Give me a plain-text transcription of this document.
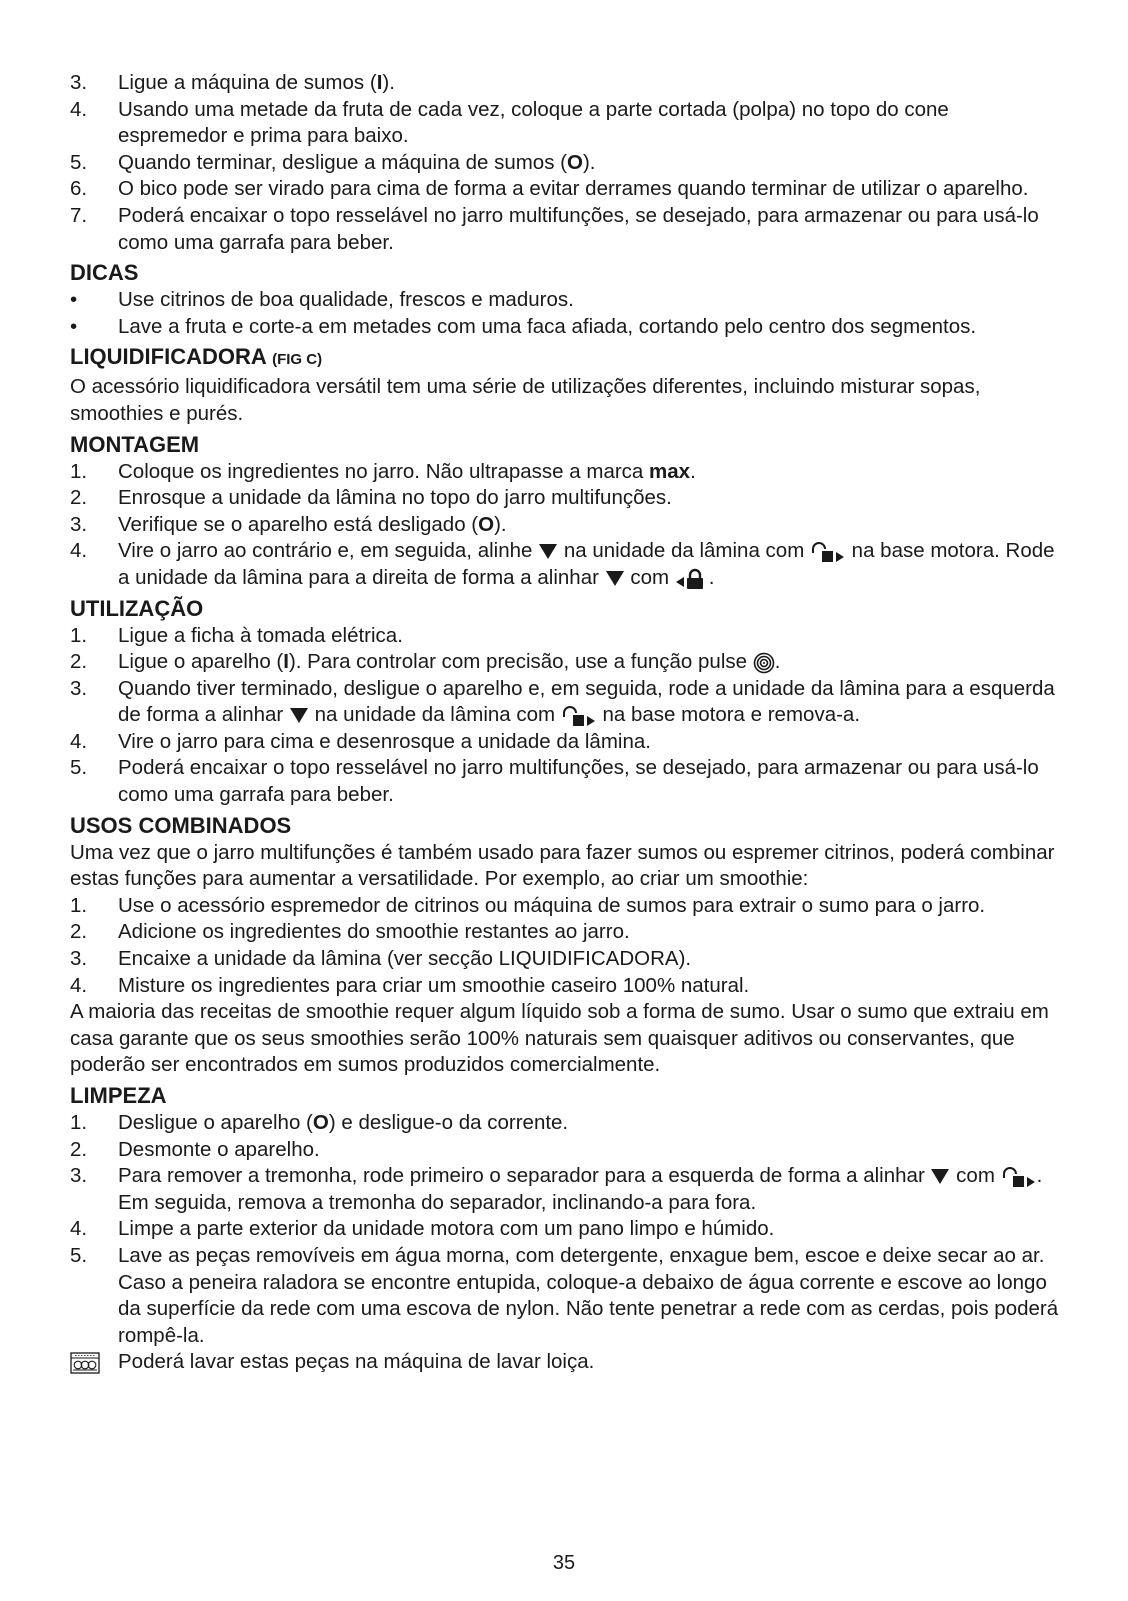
3. Ligue a máquina de sumos (I).
4. Usando uma metade da fruta de cada vez, coloque a parte cortada (polpa) no topo do cone espremedor e prima para baixo.
5. Quando terminar, desligue a máquina de sumos (O).
6. O bico pode ser virado para cima de forma a evitar derrames quando terminar de utilizar o aparelho.
7. Poderá encaixar o topo resselável no jarro multifunções, se desejado, para armazenar ou para usá-lo como uma garrafa para beber.
DICAS
• Use citrinos de boa qualidade, frescos e maduros.
• Lave a fruta e corte-a em metades com uma faca afiada, cortando pelo centro dos segmentos.
LIQUIDIFICADORA (FIG C)
O acessório liquidificadora versátil tem uma série de utilizações diferentes, incluindo misturar sopas, smoothies e purés.
MONTAGEM
1. Coloque os ingredientes no jarro. Não ultrapasse a marca max.
2. Enrosque a unidade da lâmina no topo do jarro multifunções.
3. Verifique se o aparelho está desligado (O).
4. Vire o jarro ao contrário e, em seguida, alinhe  na unidade da lâmina com  na base motora. Rode a unidade da lâmina para a direita de forma a alinhar  com .
UTILIZAÇÃO
1. Ligue a ficha à tomada elétrica.
2. Ligue o aparelho (I). Para controlar com precisão, use a função pulse .
3. Quando tiver terminado, desligue o aparelho e, em seguida, rode a unidade da lâmina para a esquerda de forma a alinhar  na unidade da lâmina com  na base motora e remova-a.
4. Vire o jarro para cima e desenrosque a unidade da lâmina.
5. Poderá encaixar o topo resselável no jarro multifunções, se desejado, para armazenar ou para usá-lo como uma garrafa para beber.
USOS COMBINADOS
Uma vez que o jarro multifunções é também usado para fazer sumos ou espremer citrinos, poderá combinar estas funções para aumentar a versatilidade. Por exemplo, ao criar um smoothie:
1. Use o acessório espremedor de citrinos ou máquina de sumos para extrair o sumo para o jarro.
2. Adicione os ingredientes do smoothie restantes ao jarro.
3. Encaixe a unidade da lâmina (ver secção LIQUIDIFICADORA).
4. Misture os ingredientes para criar um smoothie caseiro 100% natural.
A maioria das receitas de smoothie requer algum líquido sob a forma de sumo. Usar o sumo que extraiu em casa garante que os seus smoothies serão 100% naturais sem quaisquer aditivos ou conservantes, que poderão ser encontrados em sumos produzidos comercialmente.
LIMPEZA
1. Desligue o aparelho (O) e desligue-o da corrente.
2. Desmonte o aparelho.
3. Para remover a tremonha, rode primeiro o separador para a esquerda de forma a alinhar  com . Em seguida, remova a tremonha do separador, inclinando-a para fora.
4. Limpe a parte exterior da unidade motora com um pano limpo e húmido.
5. Lave as peças removíveis em água morna, com detergente, enxague bem, escoe e deixe secar ao ar. Caso a peneira raladora se encontre entupida, coloque-a debaixo de água corrente e escove ao longo da superfície da rede com uma escova de nylon. Não tente penetrar a rede com as cerdas, pois poderá rompê-la.
Poderá lavar estas peças na máquina de lavar loiça.
35
